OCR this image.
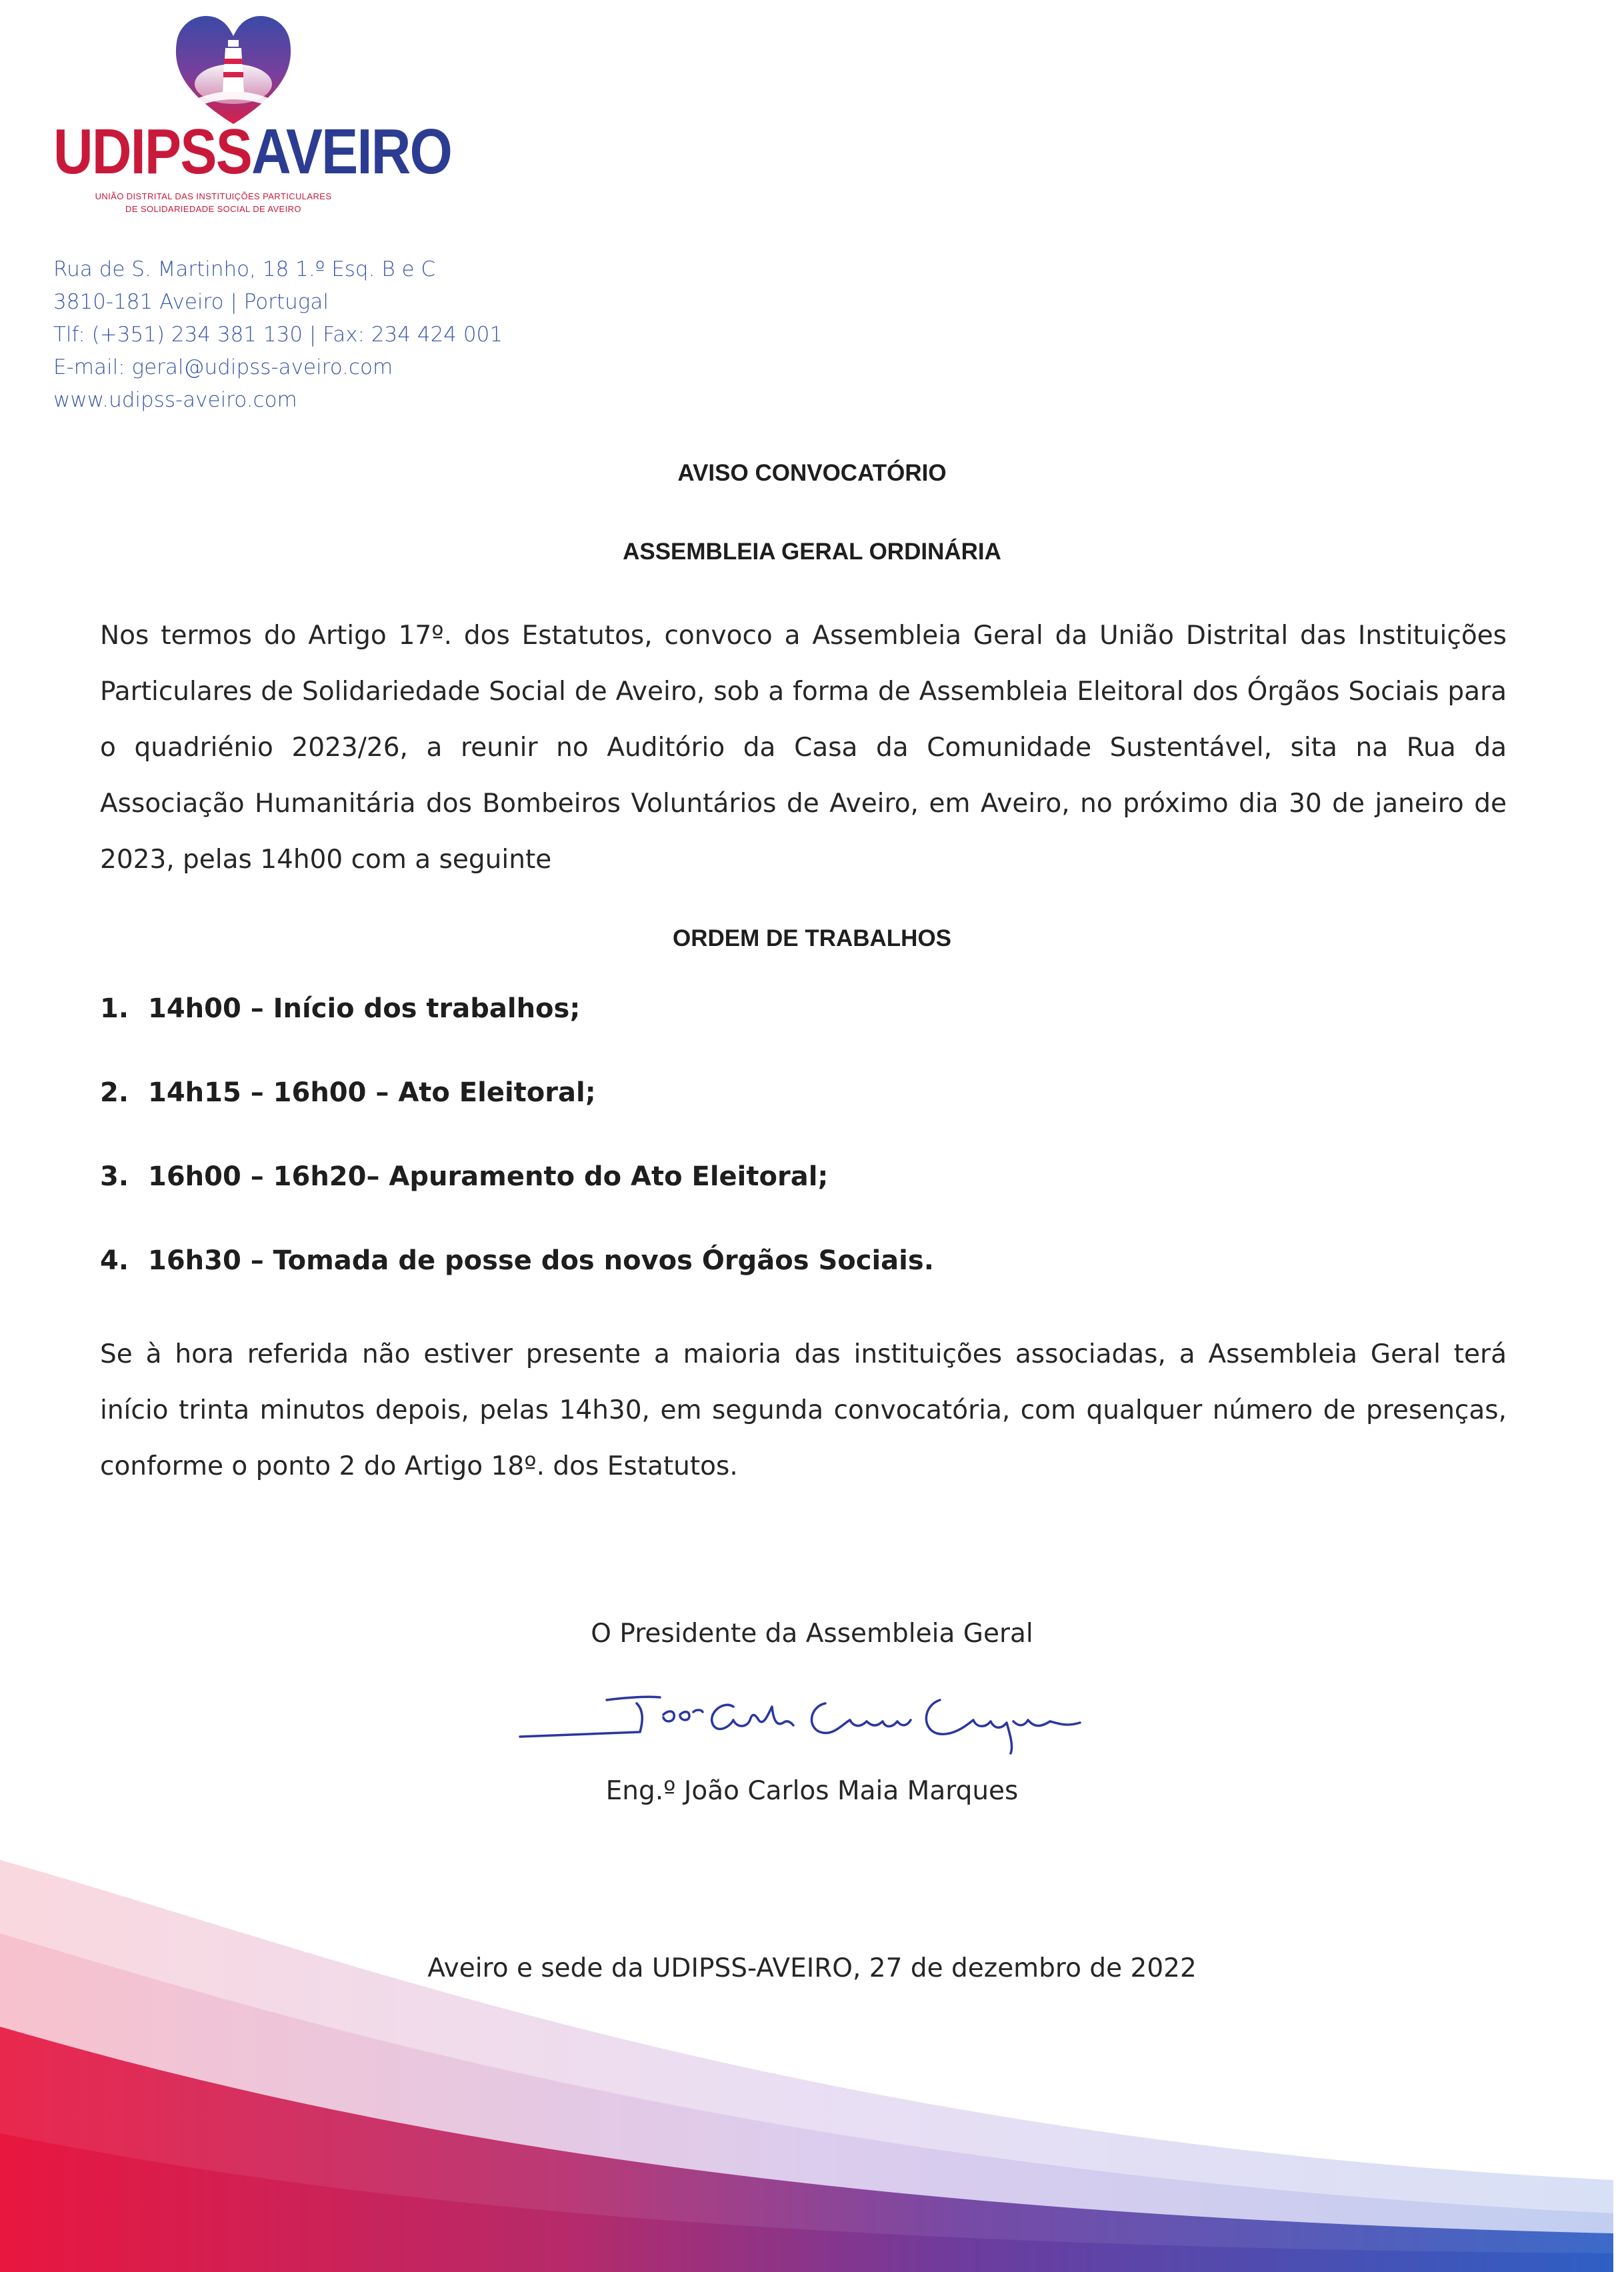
UDIPSSAVEIRO
UNIÃO DISTRITAL DAS INSTITUIÇÕES PARTICULARES
DE SOLIDARIEDADE SOCIAL DE AVEIRO
Rua de S. Martinho, 18 1.º Esq. B e C
3810-181 Aveiro | Portugal
Tlf: (+351) 234 381 130 | Fax: 234 424 001
E-mail: geral@udipss-aveiro.com
www.udipss-aveiro.com
AVISO CONVOCATÓRIO
ASSEMBLEIA GERAL ORDINÁRIA
Nos termos do Artigo 17º. dos Estatutos, convoco a Assembleia Geral da União Distrital das Instituições Particulares de Solidariedade Social de Aveiro, sob a forma de Assembleia Eleitoral dos Órgãos Sociais para o quadriénio 2023/26, a reunir no Auditório da Casa da Comunidade Sustentável, sita na Rua da Associação Humanitária dos Bombeiros Voluntários de Aveiro, em Aveiro, no próximo dia 30 de janeiro de 2023, pelas 14h00 com a seguinte
ORDEM DE TRABALHOS
1. 14h00 – Início dos trabalhos;
2. 14h15 – 16h00 – Ato Eleitoral;
3. 16h00 – 16h20– Apuramento do Ato Eleitoral;
4. 16h30 – Tomada de posse dos novos Órgãos Sociais.
Se à hora referida não estiver presente a maioria das instituições associadas, a Assembleia Geral terá início trinta minutos depois, pelas 14h30, em segunda convocatória, com qualquer número de presenças, conforme o ponto 2 do Artigo 18º. dos Estatutos.
O Presidente da Assembleia Geral
Eng.º João Carlos Maia Marques
Aveiro e sede da UDIPSS-AVEIRO, 27 de dezembro de 2022
